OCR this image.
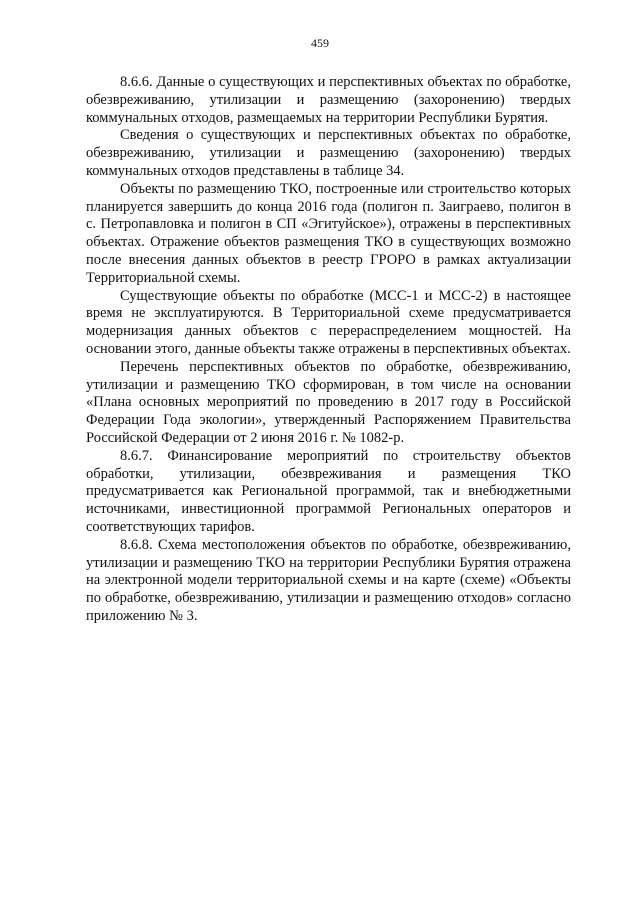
459

8.6.6. Данные о существующих и перспективных объектах по обработке, обезвреживанию, утилизации и размещению (захоронению) твердых коммунальных отходов, размещаемых на территории Республики Бурятия.

Сведения о существующих и перспективных объектах по обработке, обезвреживанию, утилизации и размещению (захоронению) твердых коммунальных отходов представлены в таблице 34.

Объекты по размещению ТКО, построенные или строительство которых планируется завершить до конца 2016 года (полигон п. Заиграево, полигон в с. Петропавловка и полигон в СП «Эгитуйское»), отражены в перспективных объектах. Отражение объектов размещения ТКО в существующих возможно после внесения данных объектов в реестр ГРОРО в рамках актуализации Территориальной схемы.

Существующие объекты по обработке (МСС-1 и МСС-2) в настоящее время не эксплуатируются. В Территориальной схеме предусматривается модернизация данных объектов с перераспределением мощностей. На основании этого, данные объекты также отражены в перспективных объектах.

Перечень перспективных объектов по обработке, обезвреживанию, утилизации и размещению ТКО сформирован, в том числе на основании «Плана основных мероприятий по проведению в 2017 году в Российской Федерации Года экологии», утвержденный Распоряжением Правительства Российской Федерации от 2 июня 2016 г. № 1082-р.

8.6.7. Финансирование мероприятий по строительству объектов обработки, утилизации, обезвреживания и размещения ТКО предусматривается как Региональной программой, так и внебюджетными источниками, инвестиционной программой Региональных операторов и соответствующих тарифов.

8.6.8. Схема местоположения объектов по обработке, обезвреживанию, утилизации и размещению ТКО на территории Республики Бурятия отражена на электронной модели территориальной схемы и на карте (схеме) «Объекты по обработке, обезвреживанию, утилизации и размещению отходов» согласно приложению № 3.
